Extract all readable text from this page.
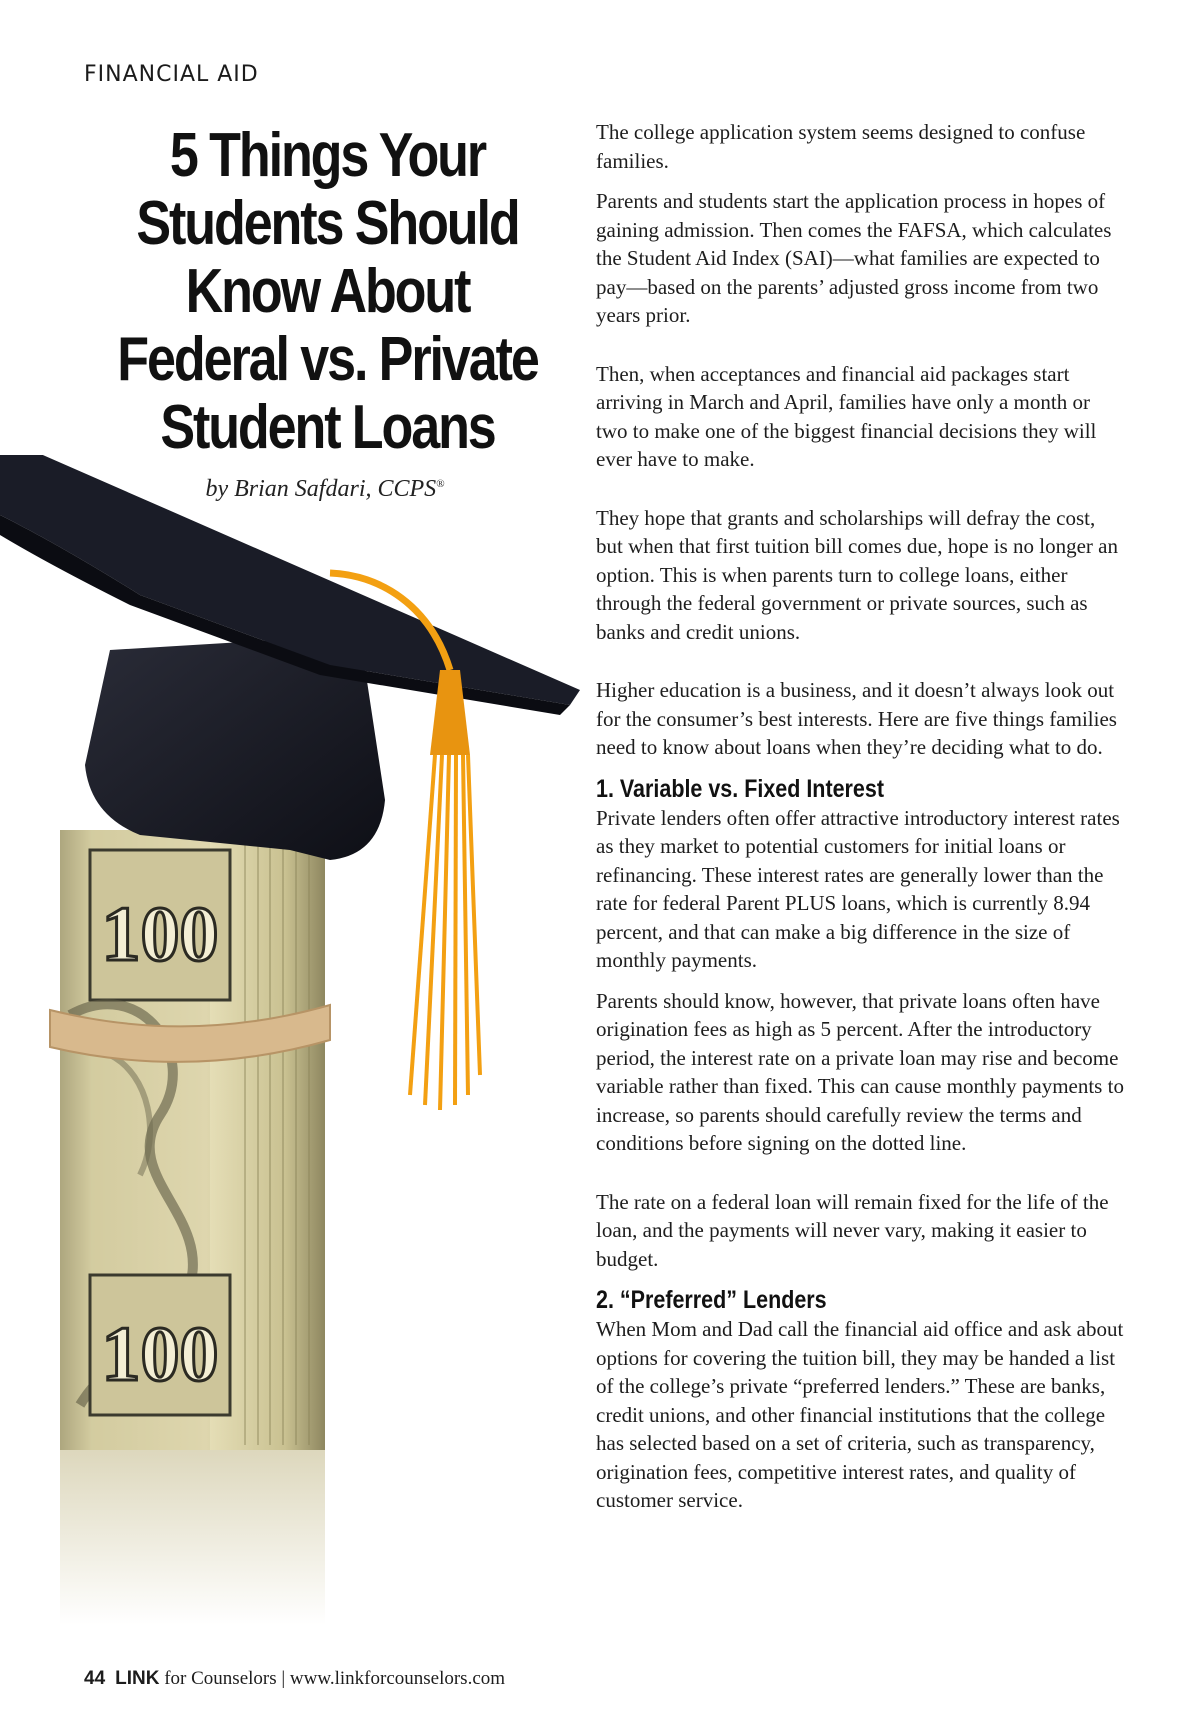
FINANCIAL AID

5 Things Your Students Should Know About Federal vs. Private Student Loans

by Brian Safdari, CCPS®

100
100

The college application system seems designed to confuse families.

Parents and students start the application process in hopes of gaining admission. Then comes the FAFSA, which calculates the Student Aid Index (SAI)—what families are expected to pay—based on the parents’ adjusted gross income from two years prior.

Then, when acceptances and financial aid packages start arriving in March and April, families have only a month or two to make one of the biggest financial decisions they will ever have to make.

They hope that grants and scholarships will defray the cost, but when that first tuition bill comes due, hope is no longer an option. This is when parents turn to college loans, either through the federal government or private sources, such as banks and credit unions.

Higher education is a business, and it doesn’t always look out for the consumer’s best interests. Here are five things families need to know about loans when they’re deciding what to do.

1. Variable vs. Fixed Interest

Private lenders often offer attractive introductory interest rates as they market to potential customers for initial loans or refinancing. These interest rates are generally lower than the rate for federal Parent PLUS loans, which is currently 8.94 percent, and that can make a big difference in the size of monthly payments.

Parents should know, however, that private loans often have origination fees as high as 5 percent. After the introductory period, the interest rate on a private loan may rise and become variable rather than fixed. This can cause monthly payments to increase, so parents should carefully review the terms and conditions before signing on the dotted line.

The rate on a federal loan will remain fixed for the life of the loan, and the payments will never vary, making it easier to budget.

2. “Preferred” Lenders

When Mom and Dad call the financial aid office and ask about options for covering the tuition bill, they may be handed a list of the college’s private “preferred lenders.” These are banks, credit unions, and other financial institutions that the college has selected based on a set of criteria, such as transparency, origination fees, competitive interest rates, and quality of customer service.

44 LINK for Counselors | www.linkforcounselors.com
